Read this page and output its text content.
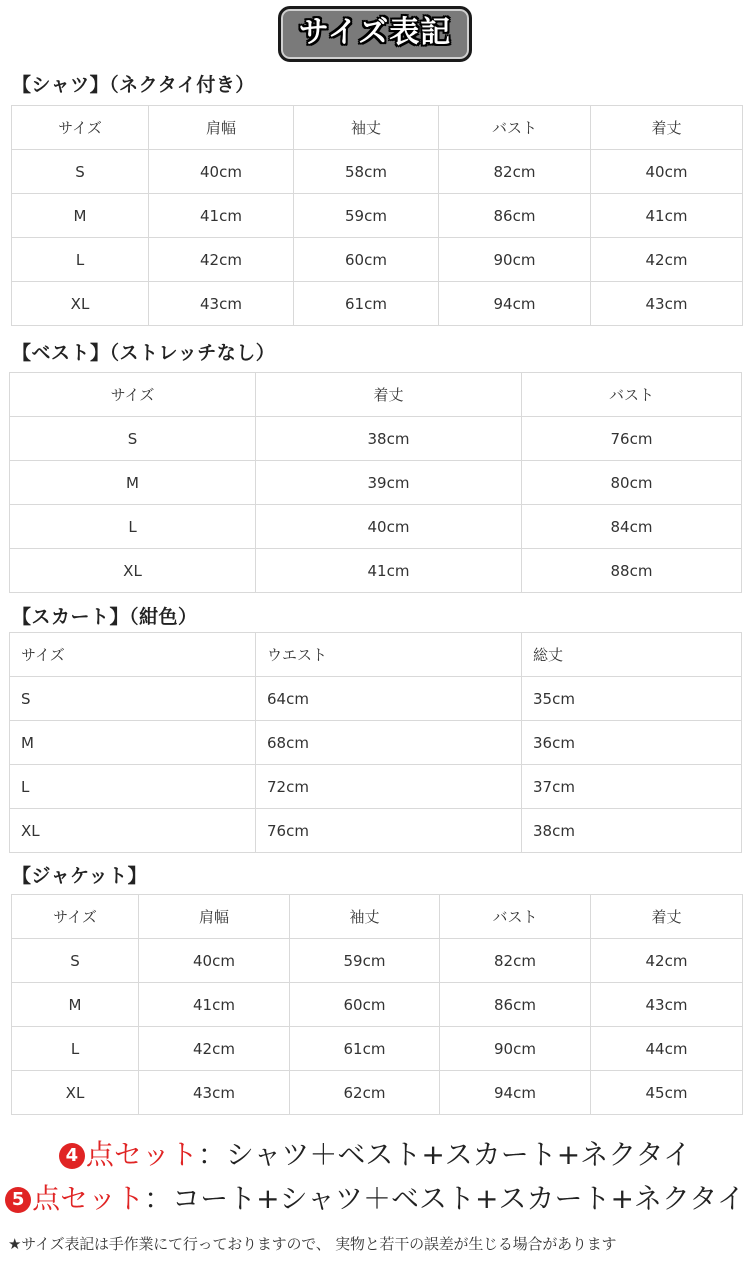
サイズ表記
【シャツ】（ネクタイ付き）
サイズ	肩幅	袖丈	バスト	着丈
S	40cm	58cm	82cm	40cm
M	41cm	59cm	86cm	41cm
L	42cm	60cm	90cm	42cm
XL	43cm	61cm	94cm	43cm
【ベスト】（ストレッチなし）
サイズ	着丈	バスト
S	38cm	76cm
M	39cm	80cm
L	40cm	84cm
XL	41cm	88cm
【スカート】（紺色）
サイズ	ウエスト	総丈
S	64cm	35cm
M	68cm	36cm
L	72cm	37cm
XL	76cm	38cm
【ジャケット】
サイズ	肩幅	袖丈	バスト	着丈
S	40cm	59cm	82cm	42cm
M	41cm	60cm	86cm	43cm
L	42cm	61cm	90cm	44cm
XL	43cm	62cm	94cm	45cm
4 点セット：シャツ＋ベスト+スカート+ネクタイ
5 点セット：コート+シャツ＋ベスト+スカート+ネクタイ
★サイズ表記は手作業にて行っておりますので、 実物と若干の誤差が生じる場合があります
